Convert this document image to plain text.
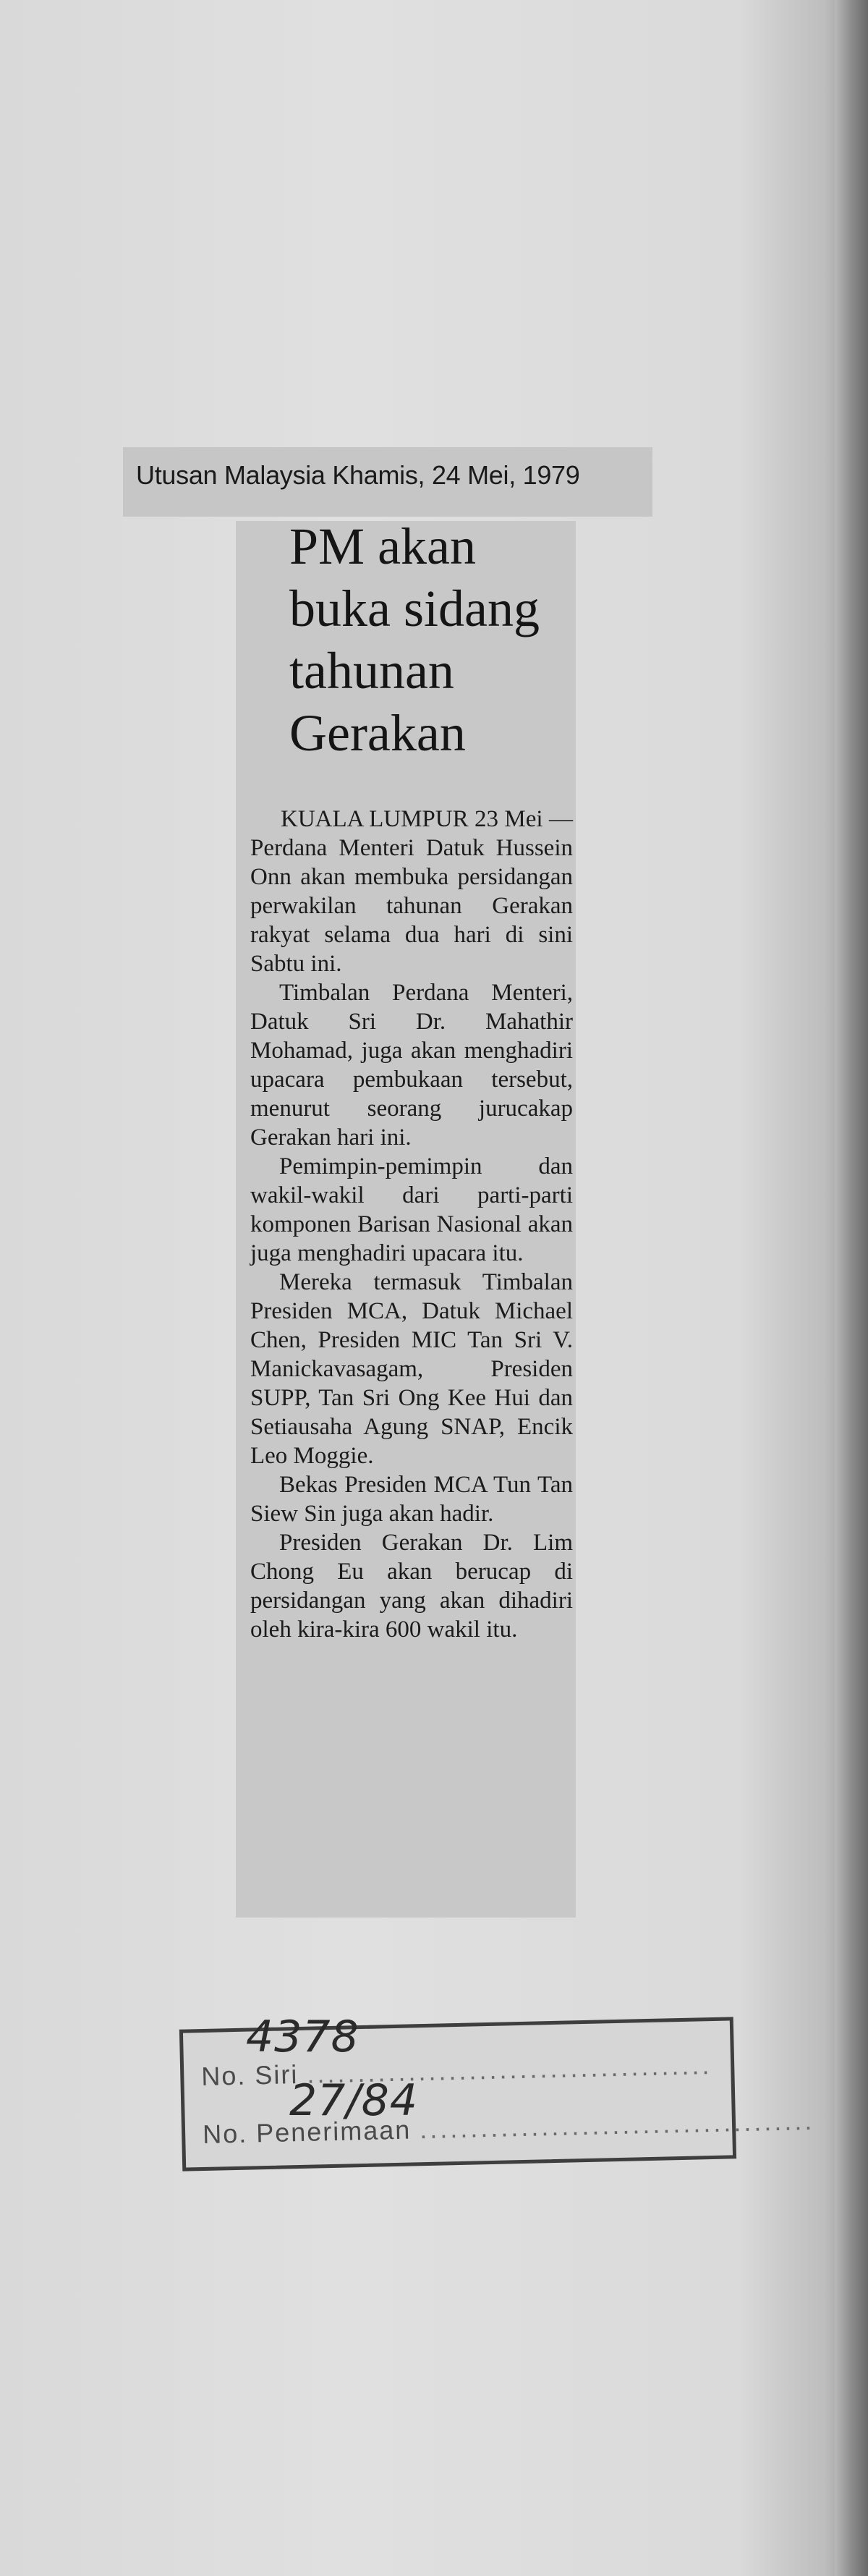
Utusan Malaysia Khamis, 24 Mei, 1979
PM akan buka sidang tahunan Gerakan

KUALA LUMPUR 23 Mei — Perdana Menteri Datuk Hussein Onn akan membuka persidangan perwakilan tahunan Gerakan rakyat selama dua hari di sini Sabtu ini.

Timbalan Perdana Menteri, Datuk Sri Dr. Mahathir Mohamad, juga akan menghadiri upacara pembukaan tersebut, menurut seorang jurucakap Gerakan hari ini.

Pemimpin-pemimpin dan wakil-wakil dari parti-parti komponen Barisan Nasional akan juga menghadiri upacara itu.

Mereka termasuk Timbalan Presiden MCA, Datuk Michael Chen, Presiden MIC Tan Sri V. Manickavasagam, Presiden SUPP, Tan Sri Ong Kee Hui dan Setiausaha Agung SNAP, Encik Leo Moggie.

Bekas Presiden MCA Tun Tan Siew Sin juga akan hadir.

Presiden Gerakan Dr. Lim Chong Eu akan berucap di persidangan yang akan dihadiri oleh kira-kira 600 wakil itu.

No. Siri ........................................
No. Penerimaan .......................................
4378
27/84
